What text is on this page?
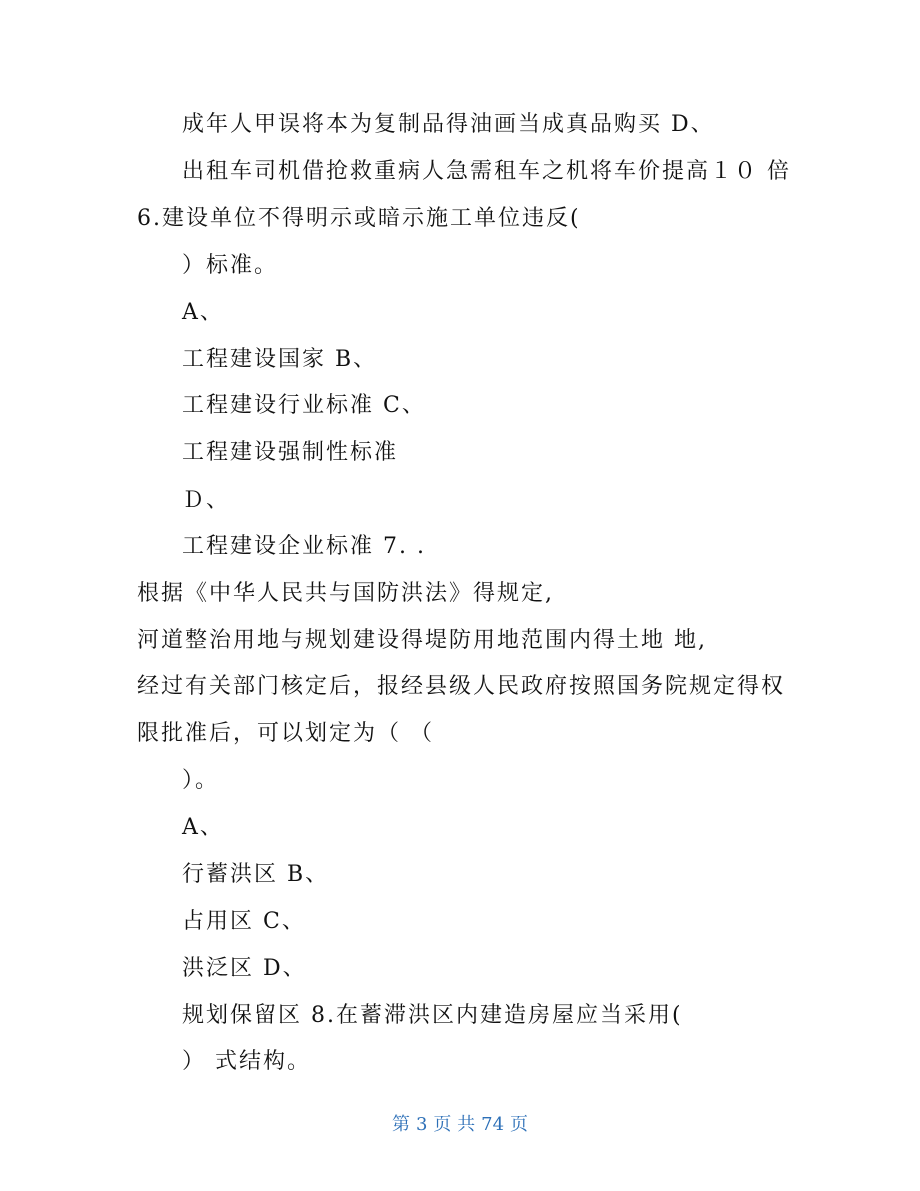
成年人甲误将本为复制品得油画当成真品购买 D、
出租车司机借抢救重病人急需租车之机将车价提高１０ 倍
6.建设单位不得明示或暗示施工单位违反(
）标准。
A、
工程建设国家 B、
工程建设行业标准 C、
工程建设强制性标准
Ｄ、
工程建设企业标准 7. .
根据《中华人民共与国防洪法》得规定,
河道整治用地与规划建设得堤防用地范围内得土地 地,
经过有关部门核定后，报经县级人民政府按照国务院规定得权
限批准后，可以划定为（ （
）。
A、
行蓄洪区 B、
占用区 C、
洪泛区 D、
规划保留区 8.在蓄滞洪区内建造房屋应当采用(
） 式结构。
第 3 页 共 74 页
